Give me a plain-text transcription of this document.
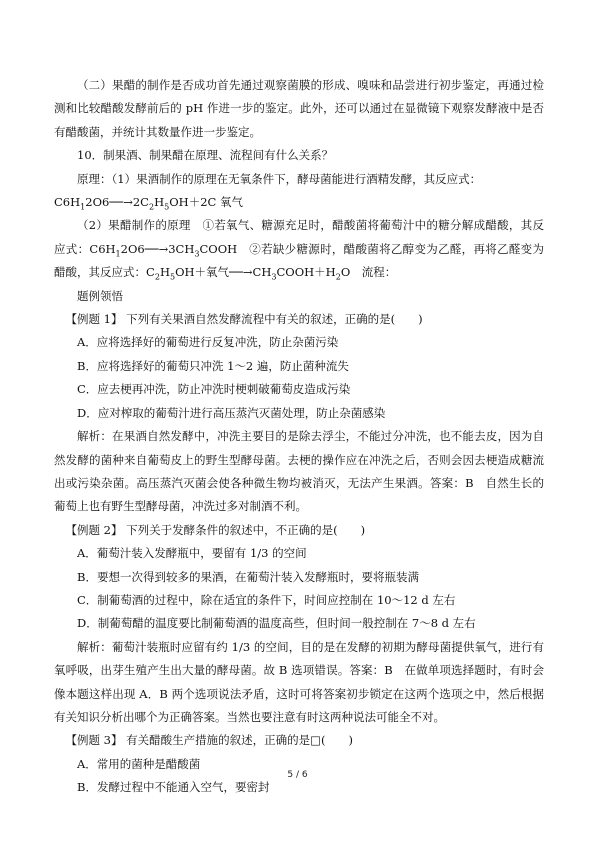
（二）果醋的制作是否成功首先通过观察菌膜的形成、嗅味和品尝进行初步鉴定，再通过检测和比较醋酸发酵前后的 pH 作进一步的鉴定。此外，还可以通过在显微镜下观察发酵液中是否有醋酸菌，并统计其数量作进一步鉴定。

10．制果酒、制果醋在原理、流程间有什么关系？

原理：（1）果酒制作的原理在无氧条件下，酵母菌能进行酒精发酵，其反应式：

$C6H_12O6──\to 2C_2H_5OH+2C$ 氧气

（2）果醋制作的原理　①若氧气、糖源充足时，醋酸菌将葡萄汁中的糖分解成醋酸，其反应式：$C6H_12O6──\to 3CH_3COOH$　②若缺少糖源时，醋酸菌将乙醇变为乙醛，再将乙醛变为醋酸，其反应式：$C_2H_5OH+$氧气$──\to CH_3COOH+H_2O$　流程：

题例领悟

【例题 1】 下列有关果酒自然发酵流程中有关的叙述，正确的是(　　)

A．应将选择好的葡萄进行反复冲洗，防止杂菌污染

B．应将选择好的葡萄只冲洗 1～2 遍，防止菌种流失

C．应去梗再冲洗，防止冲洗时梗刺破葡萄皮造成污染

D．应对榨取的葡萄汁进行高压蒸汽灭菌处理，防止杂菌感染

解析：在果酒自然发酵中，冲洗主要目的是除去浮尘，不能过分冲洗，也不能去皮，因为自然发酵的菌种来自葡萄皮上的野生型酵母菌。去梗的操作应在冲洗之后，否则会因去梗造成糖流出或污染杂菌。高压蒸汽灭菌会使各种微生物均被消灭，无法产生果酒。答案：B　自然生长的葡萄上也有野生型酵母菌，冲洗过多对制酒不利。

【例题 2】 下列关于发酵条件的叙述中，不正确的是(　　)

A．葡萄汁装入发酵瓶中，要留有 1/3 的空间

B．要想一次得到较多的果酒，在葡萄汁装入发酵瓶时，要将瓶装满

C．制葡萄酒的过程中，除在适宜的条件下，时间应控制在 10～12 d 左右

D．制葡萄醋的温度要比制葡萄酒的温度高些，但时间一般控制在 7～8 d 左右

解析：葡萄汁装瓶时应留有约 1/3 的空间，目的是在发酵的初期为酵母菌提供氧气，进行有氧呼吸，出芽生殖产生出大量的酵母菌。故 B 选项错误。答案：B　在做单项选择题时，有时会像本题这样出现 A．B 两个选项说法矛盾，这时可将答案初步锁定在这两个选项之中，然后根据有关知识分析出哪个为正确答案。当然也要注意有时这两种说法可能全不对。

【例题 3】 有关醋酸生产措施的叙述，正确的是□(　　)

A．常用的菌种是醋酸菌

B．发酵过程中不能通入空气，要密封

5 / 6
